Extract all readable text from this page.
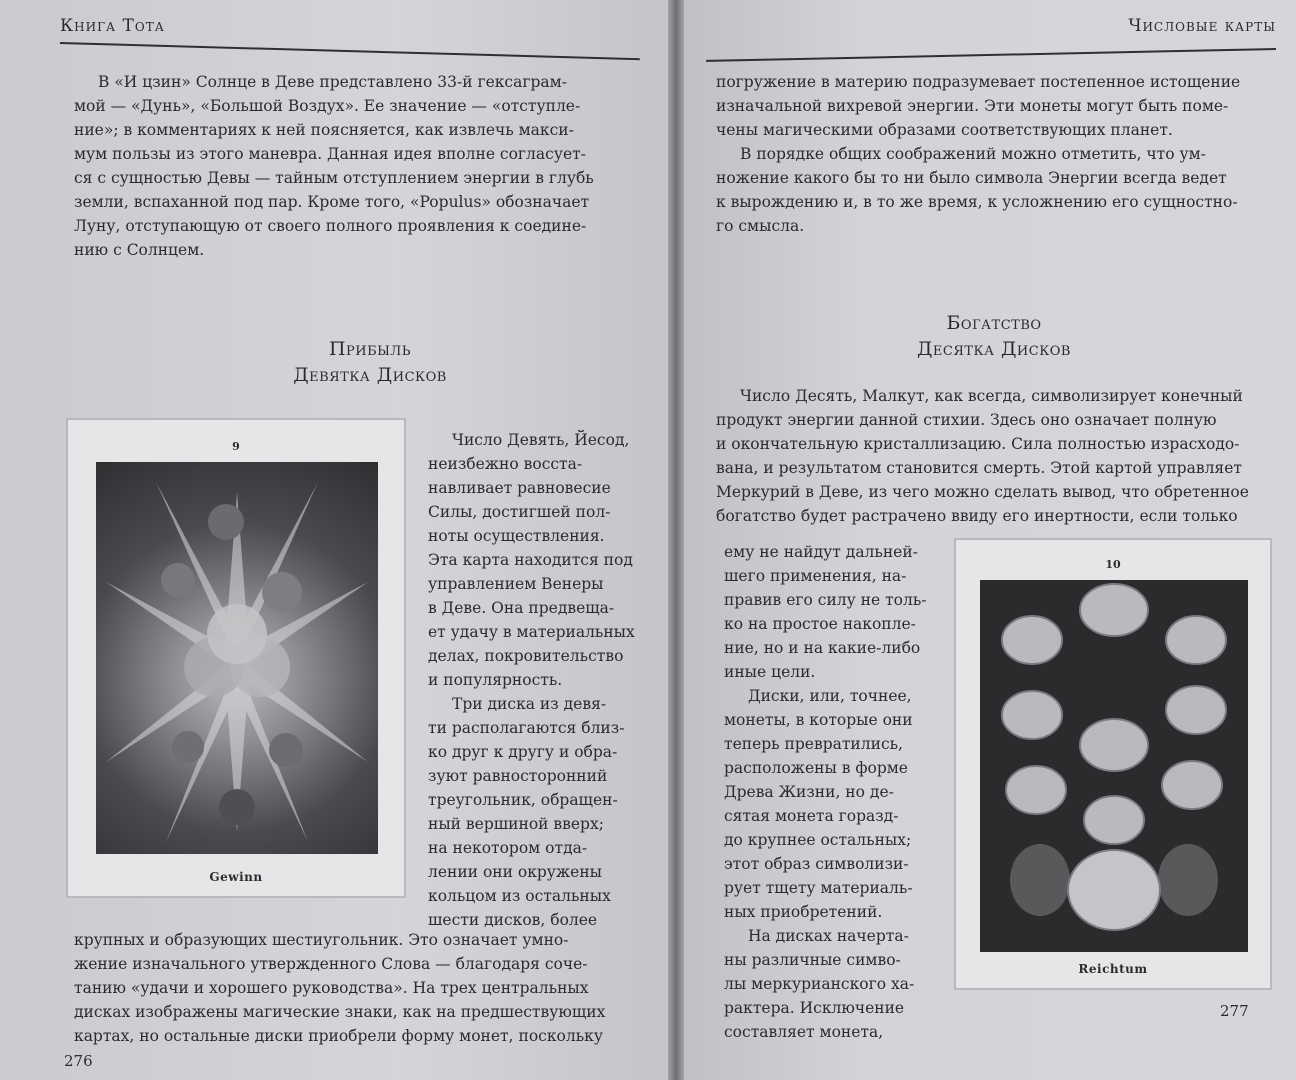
Книга Тота

В «И цзин» Солнце в Деве представлено 33-й гексаграм-

мой — «Дунь», «Большой Воздух». Ее значение — «отступле-

ние»; в комментариях к ней поясняется, как извлечь макси-

мум пользы из этого маневра. Данная идея вполне согласует-

ся с сущностью Девы — тайным отступлением энергии в глубь

земли, вспаханной под пар. Кроме того, «Populus» обозначает

Луну, отступающую от своего полного проявления к соедине-

нию с Солнцем.

Прибыль
Девятка Дисков
9
Gewinn

Число Девять, Йесод,

неизбежно восста-

навливает равновесие

Силы, достигшей пол-

ноты осуществления.

Эта карта находится под

управлением Венеры

в Деве. Она предвеща-

ет удачу в материальных

делах, покровительство

и популярность.

Три диска из девя-

ти располагаются близ-

ко друг к другу и обра-

зуют равносторонний

треугольник, обращен-

ный вершиной вверх;

на некотором отда-

лении они окружены

кольцом из остальных

шести дисков, более

крупных и образующих шестиугольник. Это означает умно-

жение изначального утвержденного Слова — благодаря соче-

танию «удачи и хорошего руководства». На трех центральных

дисках изображены магические знаки, как на предшествующих

картах, но остальные диски приобрели форму монет, поскольку

276
Числовые карты

погружение в материю подразумевает постепенное истощение

изначальной вихревой энергии. Эти монеты могут быть поме-

чены магическими образами соответствующих планет.

В порядке общих соображений можно отметить, что ум-

ножение какого бы то ни было символа Энергии всегда ведет

к вырождению и, в то же время, к усложнению его сущностно-

го смысла.

Богатство
Десятка Дисков

Число Десять, Малкут, как всегда, символизирует конечный

продукт энергии данной стихии. Здесь оно означает полную

и окончательную кристаллизацию. Сила полностью израсходо-

вана, и результатом становится смерть. Этой картой управляет

Меркурий в Деве, из чего можно сделать вывод, что обретенное

богатство будет растрачено ввиду его инертности, если только

ему не найдут дальней-

шего применения, на-

правив его силу не толь-

ко на простое накопле-

ние, но и на какие-либо

иные цели.

Диски, или, точнее,

монеты, в которые они

теперь превратились,

расположены в форме

Древа Жизни, но де-

сятая монета горазд-

до крупнее остальных;

этот образ символизи-

рует тщету материаль-

ных приобретений.

На дисках начерта-

ны различные симво-

лы меркурианского ха-

рактера. Исключение

составляет монета,

10
Reichtum
277
